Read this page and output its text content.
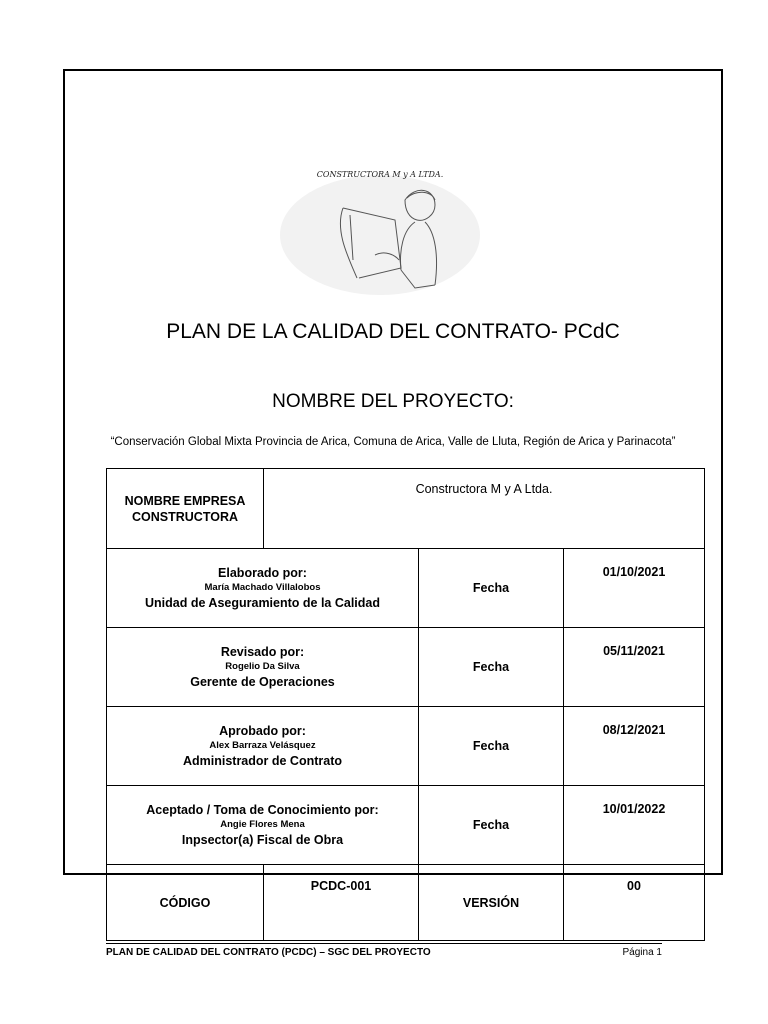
CONSTRUCTORA M y A LTDA.
PLAN DE LA CALIDAD DEL CONTRATO- PCdC
NOMBRE DEL PROYECTO:
“Conservación Global Mixta Provincia de Arica, Comuna de Arica, Valle de Lluta, Región de Arica y Parinacota”
NOMBRE EMPRESA
CONSTRUCTORA	Constructora M y A Ltda.		

Elaborado por:
María Machado Villalobos
Unidad de Aseguramiento de la Calidad		Fecha	01/10/2021

Revisado por:
Rogelio Da Silva
Gerente de Operaciones		Fecha	05/11/2021

Aprobado por:
Alex Barraza Velásquez
Administrador de Contrato		Fecha	08/12/2021

Aceptado / Toma de Conocimiento por:
Angie Flores Mena
Inpsector(a) Fiscal de Obra		Fecha	10/01/2022
CÓDIGO	PCDC-001	VERSIÓN	00
PLAN DE CALIDAD DEL CONTRATO (PCDC) – SGC DEL PROYECTO	Página 1
